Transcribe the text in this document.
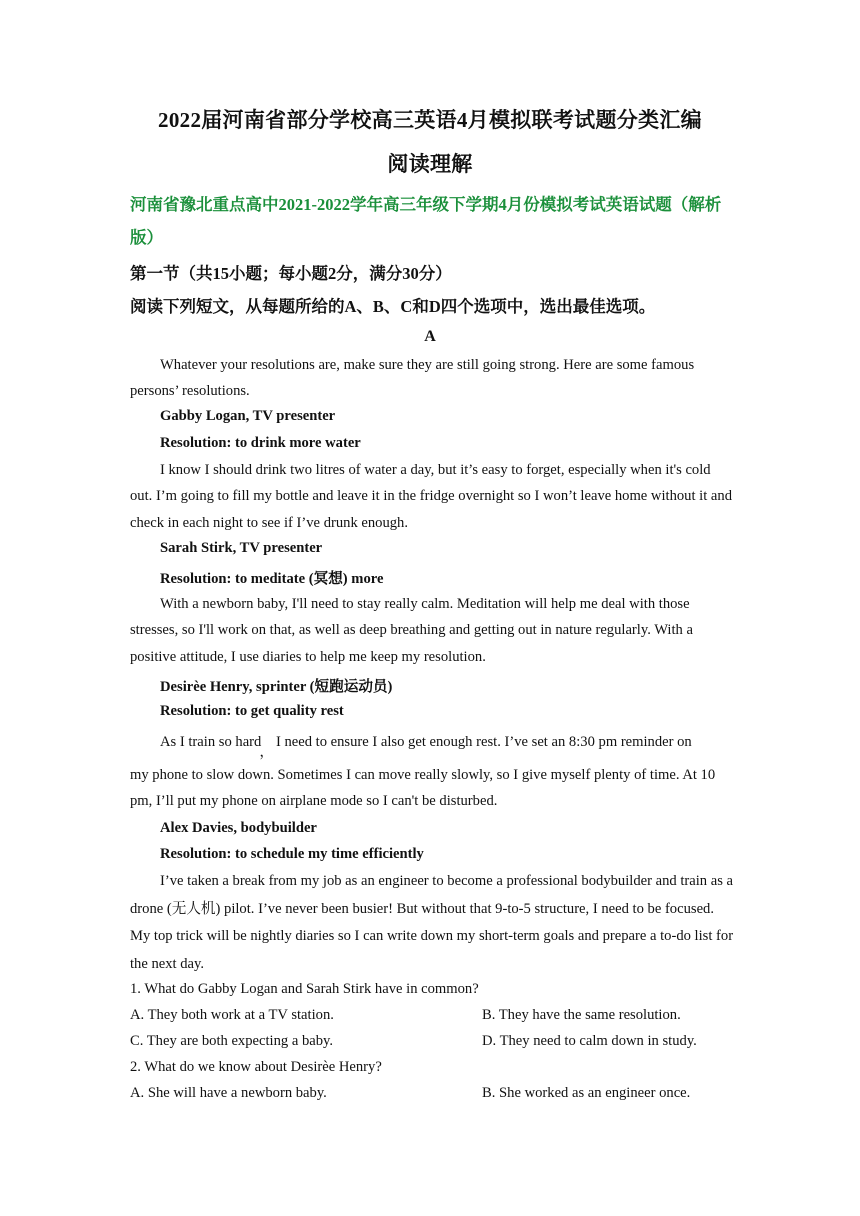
2022届河南省部分学校高三英语4月模拟联考试题分类汇编
阅读理解
河南省豫北重点高中2021-2022学年高三年级下学期4月份模拟考试英语试题（解析版）
第一节（共15小题；每小题2分，满分30分）
阅读下列短文，从每题所给的A、B、C和D四个选项中，选出最佳选项。
A
Whatever your resolutions are, make sure they are still going strong. Here are some famous persons’ resolutions.
Gabby Logan, TV presenter
Resolution: to drink more water
I know I should drink two litres of water a day, but it’s easy to forget, especially when it's cold out. I’m going to fill my bottle and leave it in the fridge overnight so I won’t leave home without it and check in each night to see if I’ve drunk enough.
Sarah Stirk, TV presenter
Resolution: to meditate (冥想) more
With a newborn baby, I'll need to stay really calm. Meditation will help me deal with those stresses, so I'll work on that, as well as deep breathing and getting out in nature regularly. With a positive attitude, I use diaries to help me keep my resolution.
Desirèe Henry, sprinter (短跑运动员)
Resolution: to get quality rest
As I train so hard，I need to ensure I also get enough rest. I’ve set an 8:30 pm reminder on
my phone to slow down. Sometimes I can move really slowly, so I give myself plenty of time. At 10 pm, I’ll put my phone on airplane mode so I can't be disturbed.
Alex Davies, bodybuilder
Resolution: to schedule my time efficiently
I’ve taken a break from my job as an engineer to become a professional bodybuilder and train as a drone (无人机) pilot. I’ve never been busier! But without that 9-to-5 structure, I need to be focused. My top trick will be nightly diaries so I can write down my short-term goals and prepare a to-do list for the next day.
1. What do Gabby Logan and Sarah Stirk have in common?
A. They both work at a TV station.	B. They have the same resolution.
C. They are both expecting a baby.	D. They need to calm down in study.
2. What do we know about Desirèe Henry?
A. She will have a newborn baby.	B. She worked as an engineer once.
